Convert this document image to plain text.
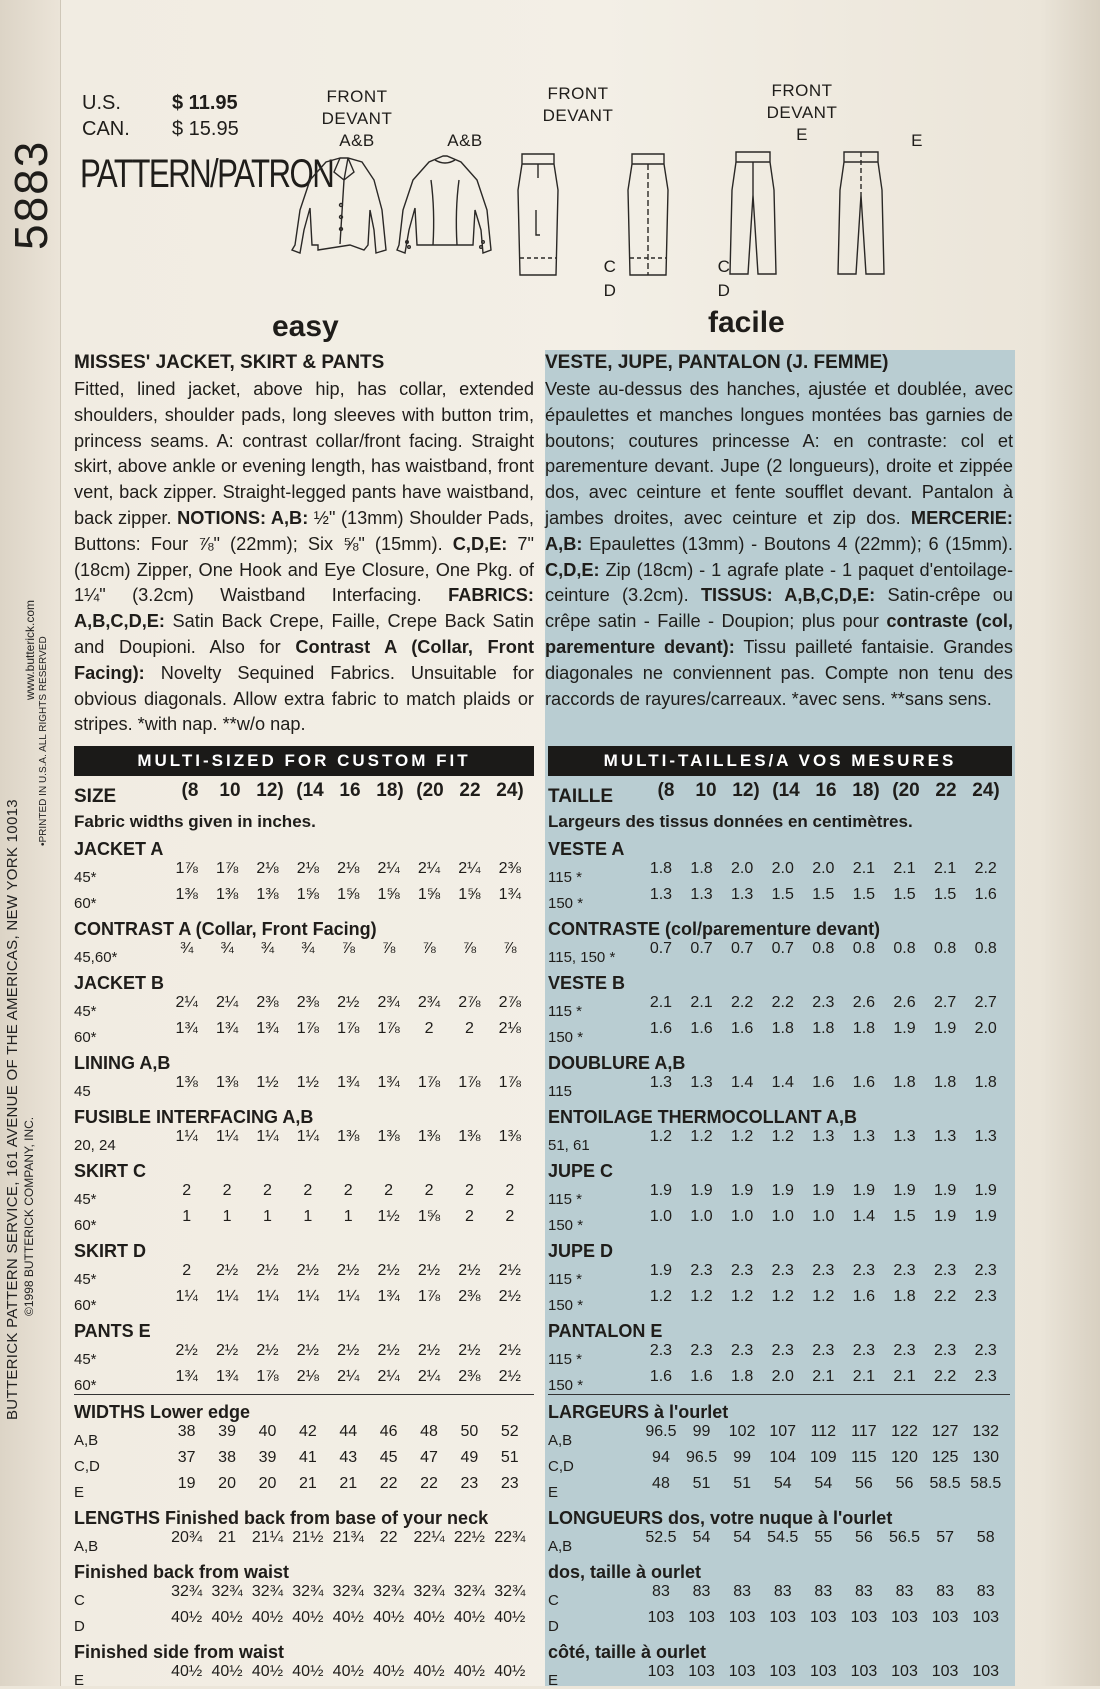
5883
BUTTERICK PATTERN SERVICE, 161 AVENUE OF THE AMERICAS, NEW YORK 10013 ©1998 BUTTERICK COMPANY, INC.
www.butterick.com •PRINTED IN U.S.A. ALL RIGHTS RESERVED
U.S.	$ 11.95
CAN. $ 15.95
PATTERN/PATRON
FRONT
DEVANT
A&B	A&B
FRONT
DEVANT
FRONT
DEVANT
E	E
C
D
C
D
easy	facile
MISSES' JACKET, SKIRT & PANTS

Fitted, lined jacket, above hip, has collar, extended shoulders, shoulder pads, long sleeves with button trim, princess seams. A: contrast collar/front facing. Straight skirt, above ankle or evening length, has waistband, front vent, back zipper. Straight-legged pants have waistband, back zipper. NOTIONS: A,B: ½" (13mm) Shoulder Pads, Buttons: Four ⅞" (22mm); Six ⅝" (15mm). C,D,E: 7" (18cm) Zipper, One Hook and Eye Closure, One Pkg. of 1¼" (3.2cm) Waistband Interfacing. FABRICS: A,B,C,D,E: Satin Back Crepe, Faille, Crepe Back Satin and Doupioni. Also for Contrast A (Collar, Front Facing): Novelty Sequined Fabrics. Unsuitable for obvious diagonals. Allow extra fabric to match plaids or stripes. *with nap. **w/o nap.

VESTE, JUPE, PANTALON (J. FEMME)

Veste au-dessus des hanches, ajustée et doublée, avec épaulettes et manches longues montées bas garnies de boutons; coutures princesse A: en contraste: col et parementure devant. Jupe (2 longueurs), droite et zippée dos, avec ceinture et fente soufflet devant. Pantalon à jambes droites, avec ceinture et zip dos. MERCERIE: A,B: Epaulettes (13mm) - Boutons 4 (22mm); 6 (15mm). C,D,E: Zip (18cm) - 1 agrafe plate - 1 paquet d'entoilage-ceinture (3.2cm). TISSUS: A,B,C,D,E: Satin-crêpe ou crêpe satin - Faille - Doupion; plus pour contraste (col, parementure devant): Tissu pailleté fantaisie. Grandes diagonales ne conviennent pas. Compte non tenu des raccords de rayures/carreaux. *avec sens. **sans sens.

MULTI-SIZED FOR CUSTOM FIT	MULTI-TAILLES/A VOS MESURES
SIZE	(8	10 12) (14 16 18) (20 22 24)
Fabric widths given in inches.
JACKET A
45*
1⅞	1⅞	2⅛	2⅛	2⅛	2¼	2¼	2¼	2⅜
60*
1⅜	1⅜	1⅜	1⅝	1⅝	1⅝	1⅝	1⅝	1¾
CONTRAST A (Collar, Front Facing)
45,60*
¾	¾	¾	¾	⅞	⅞	⅞	⅞	⅞
JACKET B
45*
2¼	2¼	2⅜	2⅜	2½	2¾	2¾	2⅞	2⅞
60*
1¾	1¾	1¾	1⅞	1⅞	1⅞	2	2	2⅛
LINING A,B
45
1⅜	1⅜	1½	1½	1¾	1¾	1⅞	1⅞	1⅞
FUSIBLE INTERFACING A,B
20, 24
1¼	1¼	1¼	1¼	1⅜	1⅜	1⅜	1⅜	1⅜
SKIRT C
45*
2	2	2	2	2	2	2	2	2
60*
1	1	1	1	1	1½	1⅝	2	2
SKIRT D
45*
2	2½	2½	2½	2½	2½	2½	2½	2½
60*
1¼	1¼	1¼	1¼	1¼	1¾	1⅞	2⅜	2½
PANTS E
45*
2½	2½	2½	2½	2½	2½	2½	2½	2½
60*
1¾	1¾	1⅞	2⅛	2¼	2¼	2¼	2⅜	2½
WIDTHS Lower edge
A,B
38	39	40	42	44	46	48	50	52
C,D
37	38	39	41	43	45	47	49	51
E
19	20	20	21	21	22	22	23	23
LENGTHS Finished back from base of your neck
A,B
20¾ 21 21¼ 21½ 21¾ 22 22¼ 22½ 22¾
Finished back from waist
C
32¾ 32¾ 32¾ 32¾ 32¾ 32¾ 32¾ 32¾ 32¾
D
40½ 40½ 40½ 40½ 40½ 40½ 40½ 40½ 40½
Finished side from waist
E
40½ 40½ 40½ 40½ 40½ 40½ 40½ 40½ 40½
TAILLE	(8	10 12) (14 16 18) (20 22 24)
Largeurs des tissus données en centimètres.
VESTE A
115 *
1.8	1.8	2.0	2.0	2.0	2.1	2.1	2.1	2.2
150 *
1.3	1.3	1.3	1.5	1.5	1.5	1.5	1.5	1.6
CONTRASTE (col/parementure devant)
115, 150 *
0.7	0.7	0.7	0.7	0.8	0.8	0.8	0.8	0.8
VESTE B
115 *
2.1	2.1	2.2	2.2	2.3	2.6	2.6	2.7	2.7
150 *
1.6	1.6	1.6	1.8	1.8	1.8	1.9	1.9	2.0
DOUBLURE A,B
115
1.3	1.3	1.4	1.4	1.6	1.6	1.8	1.8	1.8
ENTOILAGE THERMOCOLLANT A,B
51, 61
1.2	1.2	1.2	1.2	1.3	1.3	1.3	1.3	1.3
JUPE C
115 *
1.9	1.9	1.9	1.9	1.9	1.9	1.9	1.9	1.9
150 *
1.0	1.0	1.0	1.0	1.0	1.4	1.5	1.9	1.9
JUPE D
115 *
1.9	2.3	2.3	2.3	2.3	2.3	2.3	2.3	2.3
150 *
1.2	1.2	1.2	1.2	1.2	1.6	1.8	2.2	2.3
PANTALON E
115 *
2.3	2.3	2.3	2.3	2.3	2.3	2.3	2.3	2.3
150 *
1.6	1.6	1.8	2.0	2.1	2.1	2.1	2.2	2.3
LARGEURS à l'ourlet
A,B
96.5	99	102 107 112 117 122 127 132
C,D
94	96.5	99	104 109 115 120 125 130
E
48	51	51	54	54	56	56	58.5 58.5
LONGUEURS dos, votre nuque à l'ourlet
A,B
52.5	54	54	54.5	55	56	56.5	57	58
dos, taille à ourlet
C
83	83	83	83	83	83	83	83	83
D
103 103 103 103 103 103 103 103 103
côté, taille à ourlet
E
103 103 103 103 103 103 103 103 103
